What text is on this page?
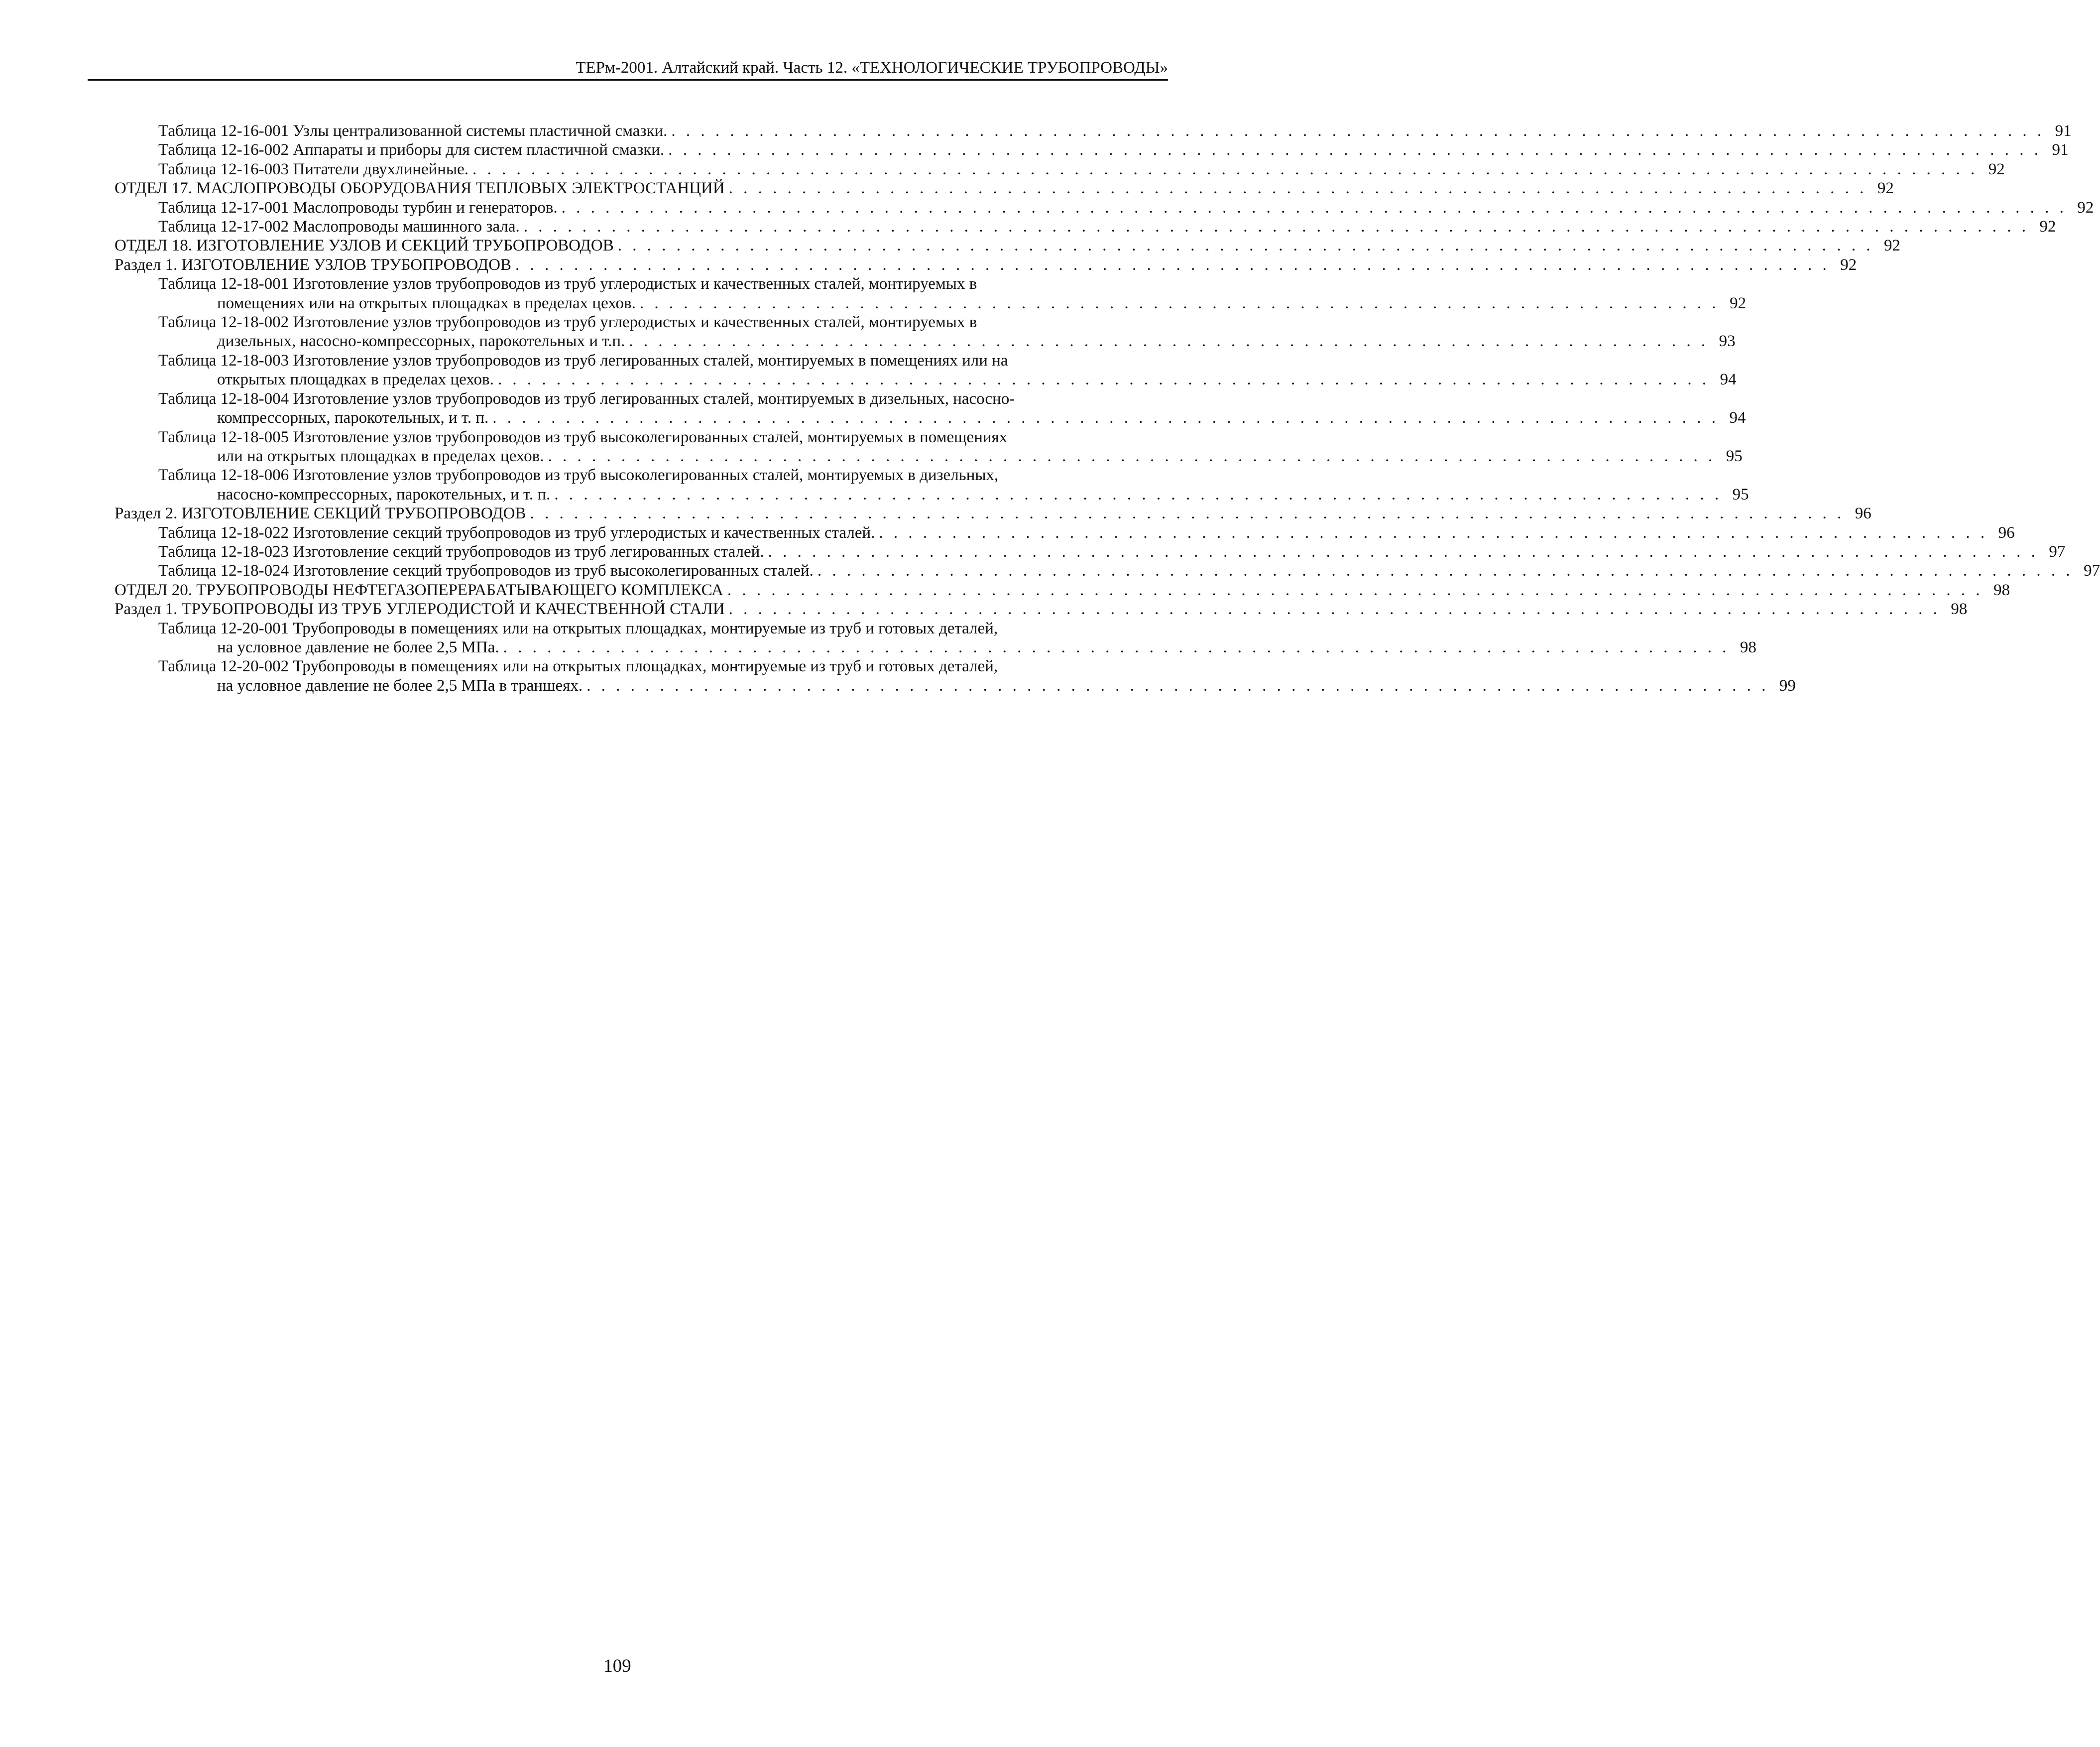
ТЕРм-2001. Алтайский край. Часть 12. «ТЕХНОЛОГИЧЕСКИЕ ТРУБОПРОВОДЫ»
Таблица 12-16-001 Узлы централизованной системы пластичной смазки. . . . . . . . . . . . . . . . . . . . . . . . . . . . . . . . . . . . . . . . . . . . . . . . . . . . . . . . . . . . . . . . . . . . . . . . . . . . . . . . . . . . . . . . . . . . . . . 91
Таблица 12-16-002 Аппараты и приборы для систем пластичной смазки. . . . . . . . . . . . . . . . . . . . . . . . . . . . . . . . . . . . . . . . . . . . . . . . . . . . . . . . . . . . . . . . . . . . . . . . . . . . . . . . . . . . . . . . . . . . . . . 91
Таблица 12-16-003 Питатели двухлинейные. . . . . . . . . . . . . . . . . . . . . . . . . . . . . . . . . . . . . . . . . . . . . . . . . . . . . . . . . . . . . . . . . . . . . . . . . . . . . . . . . . . . . . . . . . . . . . . . . . . . . . . . 92
ОТДЕЛ 17. МАСЛОПРОВОДЫ ОБОРУДОВАНИЯ ТЕПЛОВЫХ ЭЛЕКТРОСТАНЦИЙ . . . . . . . . . . . . . . . . . . . . . . . . . . . . . . . . . . . . . . . . . . . . . . . . . . . . . . . . . . . . . . . . . . . . . . . . . . . . . . 92
Таблица 12-17-001 Маслопроводы турбин и генераторов. . . . . . . . . . . . . . . . . . . . . . . . . . . . . . . . . . . . . . . . . . . . . . . . . . . . . . . . . . . . . . . . . . . . . . . . . . . . . . . . . . . . . . . . . . . . . . . . . . . . . . . . 92
Таблица 12-17-002 Маслопроводы машинного зала. . . . . . . . . . . . . . . . . . . . . . . . . . . . . . . . . . . . . . . . . . . . . . . . . . . . . . . . . . . . . . . . . . . . . . . . . . . . . . . . . . . . . . . . . . . . . . . . . . . . . . . . 92
ОТДЕЛ 18. ИЗГОТОВЛЕНИЕ УЗЛОВ И СЕКЦИЙ ТРУБОПРОВОДОВ . . . . . . . . . . . . . . . . . . . . . . . . . . . . . . . . . . . . . . . . . . . . . . . . . . . . . . . . . . . . . . . . . . . . . . . . . . . . . . . . . . . . . . 92
Раздел 1. ИЗГОТОВЛЕНИЕ УЗЛОВ ТРУБОПРОВОДОВ . . . . . . . . . . . . . . . . . . . . . . . . . . . . . . . . . . . . . . . . . . . . . . . . . . . . . . . . . . . . . . . . . . . . . . . . . . . . . . . . . . . . . . . . . . 92
Таблица 12-18-001 Изготовление узлов трубопроводов из труб углеродистых и качественных сталей, монтируемых в
помещениях или на открытых площадках в пределах цехов. . . . . . . . . . . . . . . . . . . . . . . . . . . . . . . . . . . . . . . . . . . . . . . . . . . . . . . . . . . . . . . . . . . . . . . . . . . 92
Таблица 12-18-002 Изготовление узлов трубопроводов из труб углеродистых и качественных сталей, монтируемых в
дизельных, насосно-компрессорных, парокотельных и т.п. . . . . . . . . . . . . . . . . . . . . . . . . . . . . . . . . . . . . . . . . . . . . . . . . . . . . . . . . . . . . . . . . . . . . . . . . . . 93
Таблица 12-18-003 Изготовление узлов трубопроводов из труб легированных сталей, монтируемых в помещениях или на
открытых площадках в пределах цехов. . . . . . . . . . . . . . . . . . . . . . . . . . . . . . . . . . . . . . . . . . . . . . . . . . . . . . . . . . . . . . . . . . . . . . . . . . . . . . . . . . . . 94
Таблица 12-18-004 Изготовление узлов трубопроводов из труб легированных сталей, монтируемых в дизельных, насосно-
компрессорных, парокотельных, и т. п. . . . . . . . . . . . . . . . . . . . . . . . . . . . . . . . . . . . . . . . . . . . . . . . . . . . . . . . . . . . . . . . . . . . . . . . . . . . . . . . . . . . . 94
Таблица 12-18-005 Изготовление узлов трубопроводов из труб высоколегированных сталей, монтируемых в помещениях
или на открытых площадках в пределах цехов. . . . . . . . . . . . . . . . . . . . . . . . . . . . . . . . . . . . . . . . . . . . . . . . . . . . . . . . . . . . . . . . . . . . . . . . . . . . . . . . . 95
Таблица 12-18-006 Изготовление узлов трубопроводов из труб высоколегированных сталей, монтируемых в дизельных,
насосно-компрессорных, парокотельных, и т. п. . . . . . . . . . . . . . . . . . . . . . . . . . . . . . . . . . . . . . . . . . . . . . . . . . . . . . . . . . . . . . . . . . . . . . . . . . . . . . . . . 95
Раздел 2. ИЗГОТОВЛЕНИЕ СЕКЦИЙ ТРУБОПРОВОДОВ . . . . . . . . . . . . . . . . . . . . . . . . . . . . . . . . . . . . . . . . . . . . . . . . . . . . . . . . . . . . . . . . . . . . . . . . . . . . . . . . . . . . . . . . . . 96
Таблица 12-18-022 Изготовление секций трубопроводов из труб углеродистых и качественных сталей. . . . . . . . . . . . . . . . . . . . . . . . . . . . . . . . . . . . . . . . . . . . . . . . . . . . . . . . . . . . . . . . . . . . . . . . . . . . . 96
Таблица 12-18-023 Изготовление секций трубопроводов из труб легированных сталей. . . . . . . . . . . . . . . . . . . . . . . . . . . . . . . . . . . . . . . . . . . . . . . . . . . . . . . . . . . . . . . . . . . . . . . . . . . . . . . . . . . . . . . . 97
Таблица 12-18-024 Изготовление секций трубопроводов из труб высоколегированных сталей. . . . . . . . . . . . . . . . . . . . . . . . . . . . . . . . . . . . . . . . . . . . . . . . . . . . . . . . . . . . . . . . . . . . . . . . . . . . . . . . . . . . . . . 97
ОТДЕЛ 20. ТРУБОПРОВОДЫ НЕФТЕГАЗОПЕРЕРАБАТЫВАЮЩЕГО КОМПЛЕКСА . . . . . . . . . . . . . . . . . . . . . . . . . . . . . . . . . . . . . . . . . . . . . . . . . . . . . . . . . . . . . . . . . . . . . . . . . . . . . . . . . . . . . . 98
Раздел 1. ТРУБОПРОВОДЫ ИЗ ТРУБ УГЛЕРОДИСТОЙ И КАЧЕСТВЕННОЙ СТАЛИ . . . . . . . . . . . . . . . . . . . . . . . . . . . . . . . . . . . . . . . . . . . . . . . . . . . . . . . . . . . . . . . . . . . . . . . . . . . . . . . . . . . 98
Таблица 12-20-001 Трубопроводы в помещениях или на открытых площадках, монтируемые из труб и готовых деталей,
на условное давление не более 2,5 МПа. . . . . . . . . . . . . . . . . . . . . . . . . . . . . . . . . . . . . . . . . . . . . . . . . . . . . . . . . . . . . . . . . . . . . . . . . . . . . . . . . . . . . 98
Таблица 12-20-002 Трубопроводы в помещениях или на открытых площадках, монтируемые из труб и готовых деталей,
на условное давление не более 2,5 МПа в траншеях. . . . . . . . . . . . . . . . . . . . . . . . . . . . . . . . . . . . . . . . . . . . . . . . . . . . . . . . . . . . . . . . . . . . . . . . . . . . . . . . . . 99
109
